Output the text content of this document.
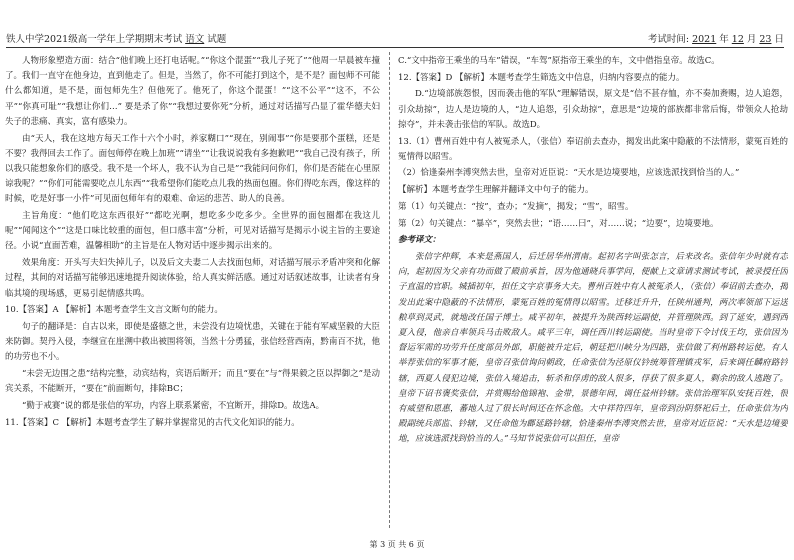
铁人中学2021级高一学年上学期期末考试 语文 试题	考试时间: 2021 年 12 月 23 日

人物形象塑造方面：结合“他们晚上还打电话呢。”“你这个混蛋”“我儿子死了”“他周一早晨被车撞了。我们一直守在他身边，直到他走了。但是，当然了，你不可能打到这个，是不是？面包师不可能什么都知道，是不是，面包师先生？但他死了。他死了，你这个混蛋！”“这不公平”“这不，不公平”“你真可耻”“我想让你们…” 要是杀了你”“我想过要你死”分析，通过对话描写凸显了霍华德夫妇失子的悲痛、真实，富有感染力。

由“天人，我在这地方每天工作十六个小时，养家糊口”“现在，别闹事”“你是要那个蛋糕，还是不要？我得回去工作了。面包师停在晚上加班”“请坐”“让我说说我有多抱歉吧”“我自己没有孩子，所以我只能想象你们的感受。我不是一个坏人，我不认为自己是”“我能问问你们，你们是否能在心里原谅我呢？”“你们可能需要吃点儿东西”“我希望你们能吃点儿我的热面包圈。你们得吃东西，像这样的时候，吃是好事一小件”可见面包师年有的艰难、命运的悲苦、助人的良善。

主旨角度：“他们吃这东西很好”“都吃光啊，想吃多少吃多少。全世界的面包圈都在我这儿呢”“闻闻这个”“这是口味比较重的面包，但口感丰富”分析，可见对话描写是揭示小说主旨的主要途径。小说“直面苦难，温馨相助”的主旨是在人物对话中逐步揭示出来的。

效果角度：开头写夫妇失掉儿子，以及后文夫妻二人去找面包师，对话描写展示矛盾冲突和化解过程，其间的对话描写能够迅速地提升阅读体验，给人真实鲜活感。通过对话叙述故事，让读者有身临其境的现场感，更易引起情感共鸣。

10.【答案】A 【解析】本题考查学生文言文断句的能力。

句子的翻译是：自古以来，即使是盛德之世，未尝没有边境忧患，关键在于能有军威坚毅的大臣来防御。契丹入侵，李继宣在崖溯中救出被围将领，当然十分勇猛，张信经营西南，黔南百不扰，他的功劳也不小。

“未尝无边围之患”结构完整，动宾结构，宾语后断开；而且“要在”与“得果毅之臣以捍御之”是动宾关系，不能断开，“要在”前面断句，排除BC；

“勤于戒赛”说的都是张信的军功，内容上联系紧密，不宜断开，排除D。故选A。

11.【答案】C 【解析】本题考查学生了解并掌握常见的古代文化知识的能力。

C.“文中指帝王乘坐的马车”错误，“车驾”原指帝王乘坐的车，文中借指皇帝。故选C。

12.【答案】D 【解析】本题考查学生筛选文中信息，归纳内容要点的能力。

D.“边境部族怨恨，因而袭击他的军队”理解错误，原文是“信不甚存恤，亦不奏加赉赐，边人追怨，引众劫掠”，边人是边境的人，“边人追怨，引众劫掠”，意思是“边境的部族都非常后悔，带领众人抢劫掠夺”，并未袭击张信的军队。故选D。

13.（1）曹州百姓中有人被冤杀人，（张信）奉诏前去查办，揭发出此案中隐蔽的不法情形，蒙冤百姓的冤情得以昭雪。

（2）恰逢秦州李溥突然去世，皇帝对近臣说：“天水是边境要地，应该选派找到恰当的人。”

【解析】本题考查学生理解并翻译文中句子的能力。

第（1）句关键点：“按”，查办；“发摘”，揭发；“雪”，昭雪。

第（2）句关键点：“暴卒”，突然去世；“语……曰”，对……说；“边要”，边境要地。

参考译文：

张信字仲辉，本来是燕国人，后迁居华州渭南。起初名字叫张怎言，后来改名。张信年少时就有志向，起初因为父亲有功而做了殿前承旨，因为他通晓兵事学问，便献上文章请求测试考试，被录授任因子直温的官职。城插初年，担任文字京事务大夫。曹州百姓中有人被冤杀人，（张信）奉诏前去查办，揭发出此案中隐蔽的不法情形，蒙冤百姓的冤情得以昭雪。迁移迁升升，任陕州通判，两次率领部下运送粮草到灵武，就地改任国子博士。咸平初年，被提升为陕西转运副使，并管理陕西。到了延安，遇到西夏入侵，他亲自率领兵马击败敌人。咸平三年，调任西川转运副使。当时皇帝下令讨伐王均，张信因为督运军需的功劳升任度部员外郎，职能被升定后，朝廷把川峡分为四路，张信做了利州路转运使。有人举荐张信的军事才能，皇帝召张信询问朝政，任命张信为泾原仪钤统筹管理镇戎军，后来调任麟府路钤辖，西夏人侵犯边境，张信入境追击，斩杀和俘虏的敌人很多，俘获了很多夏人，剩余的敌人逃跑了。皇帝下诏书褒奖张信，并赏赐给他锦袍、金带，景德年间，调任益州钤辖。张信治理军队安抚百姓，很有威望和恩惠，蕃地人过了很长时间还在怀念他。大中祥符四年，皇帝到汾阴祭祀后土，任命张信为内殿副统兵部监、钤辖，又任命他为鄜延路钤辖，恰逢秦州李溥突然去世，皇帝对近臣说：“天水是边境要地，应该选派找到恰当的人。”马知节说张信可以担任，皇帝

第 3 页 共 6 页
